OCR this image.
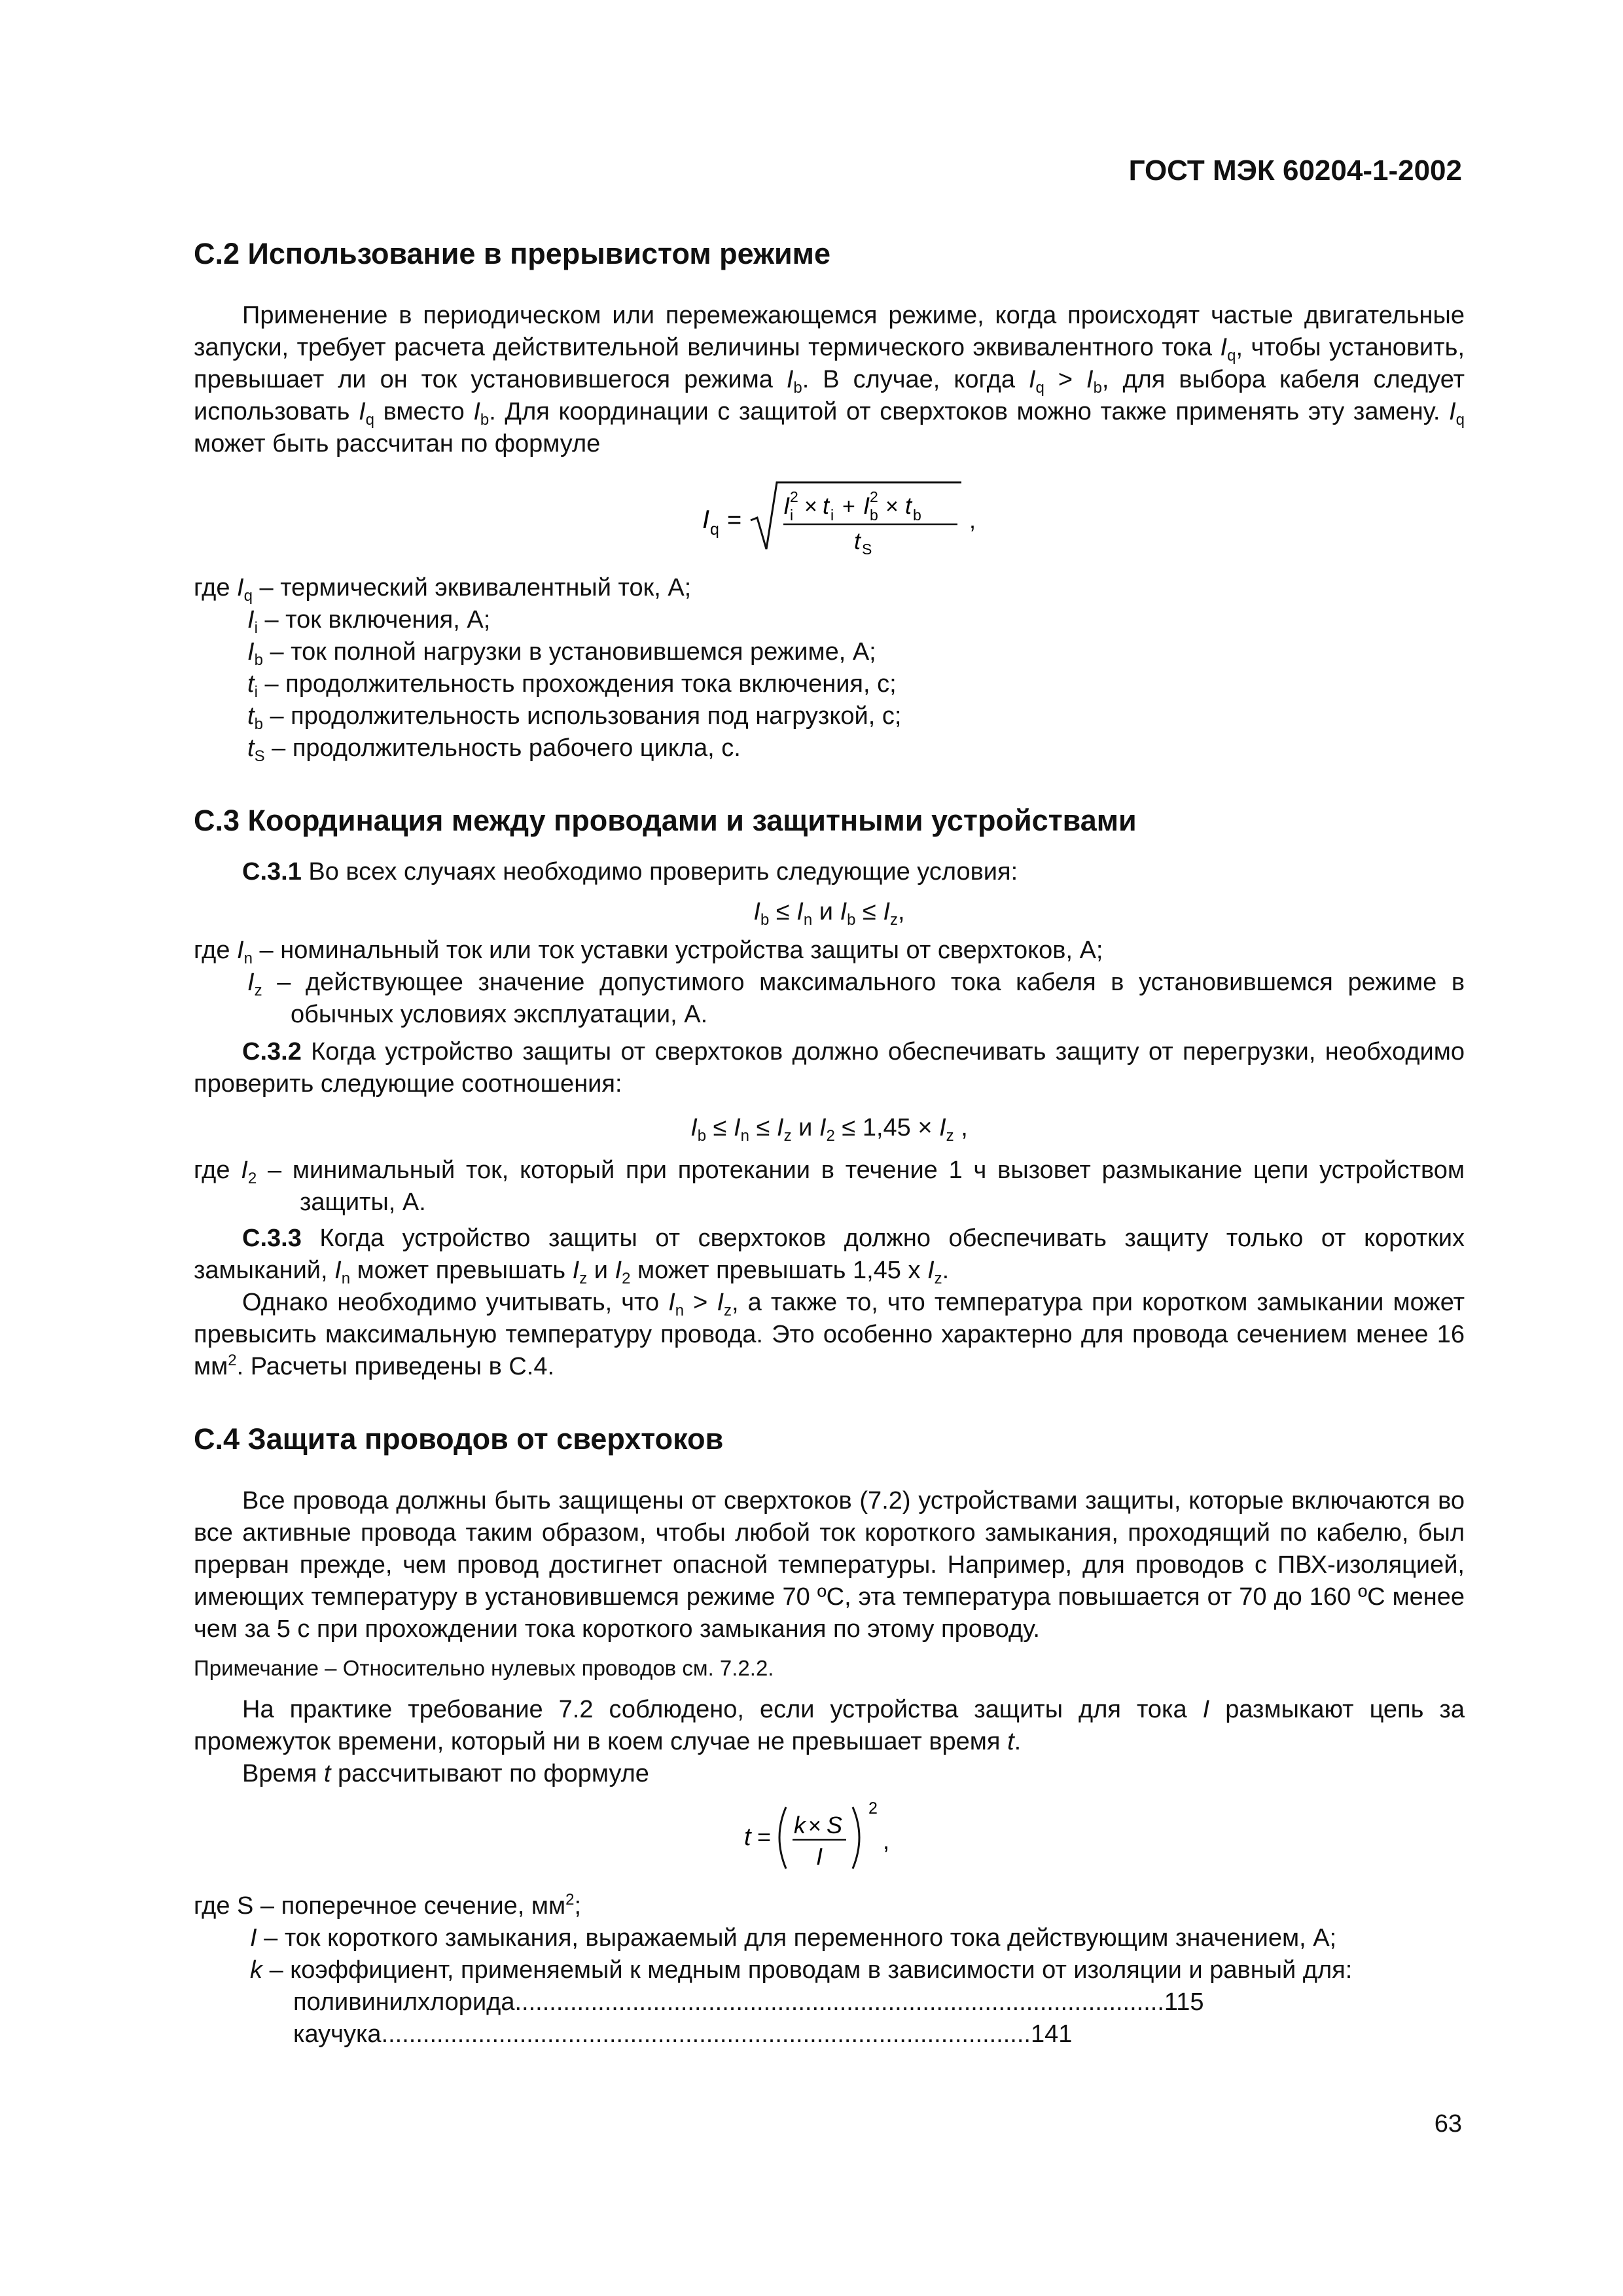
ГОСТ МЭК 60204-1-2002
C.2 Использование в прерывистом режиме

Применение в периодическом или перемежающемся режиме, когда происходят частые двигательные запуски, требует расчета действительной величины термического эквивалентного тока $I_q$, чтобы установить, превышает ли он ток установившегося режима $I_b$. В случае, когда $I_q > I_b$, для выбора кабеля следует использовать $I_q$ вместо $I_b$. Для координации с защитой от сверхтоков можно также применять эту замену. $I_q$ может быть рассчитан по формуле

I q =
I 2
i × t i + I 2
b × t b
t S
,

где $I_q$ – термический эквивалентный ток, А;

$I_i$ – ток включения, А;

$I_b$ – ток полной нагрузки в установившемся режиме, А;

$t_i$ – продолжительность прохождения тока включения, с;

$t_b$ – продолжительность использования под нагрузкой, с;

$t_S$ – продолжительность рабочего цикла, с.

C.3 Координация между проводами и защитными устройствами

C.3.1 Во всех случаях необходимо проверить следующие условия:

$I_b \le I_n$ и $I_b \le I_z$,

где $I_n$ – номинальный ток или ток уставки устройства защиты от сверхтоков, А;

$I_z$ – действующее значение допустимого максимального тока кабеля в установившемся режиме в обычных условиях эксплуатации, А.

C.3.2 Когда устройство защиты от сверхтоков должно обеспечивать защиту от перегрузки, необходимо проверить следующие соотношения:

$I_b \le I_n \le I_z$ и $I_2 \le 1,45 \times I_z$ ,

где $I_2$ – минимальный ток, который при протекании в течение 1 ч вызовет размыкание цепи устройством защиты, А.

C.3.3 Когда устройство защиты от сверхтоков должно обеспечивать защиту только от коротких замыканий, $I_n$ может превышать $I_z$ и $I_2$ может превышать 1,45 x $I_z$.

Однако необходимо учитывать, что $I_n > I_z$, а также то, что температура при коротком замыкании может превысить максимальную температуру провода. Это особенно характерно для провода сечением менее 16 $мм^2$. Расчеты приведены в С.4.

C.4 Защита проводов от сверхтоков

Все провода должны быть защищены от сверхтоков (7.2) устройствами защиты, которые включаются во все активные провода таким образом, чтобы любой ток короткого замыкания, проходящий по кабелю, был прерван прежде, чем провод достигнет опасной температуры. Например, для проводов с ПВХ-изоляцией, имеющих температуру в установившемся режиме 70 ºС, эта температура повышается от 70 до 160 ºС менее чем за 5 с при прохождении тока короткого замыкания по этому проводу.

Примечание – Относительно нулевых проводов см. 7.2.2.

На практике требование 7.2 соблюдено, если устройства защиты для тока I размыкают цепь за промежуток времени, который ни в коем случае не превышает время t.

Время t рассчитывают по формуле

t = k × S
I
2
,

где S – поперечное сечение, $мм^2$;

I – ток короткого замыкания, выражаемый для переменного тока действующим значением, А;

k – коэффициент, применяемый к медным проводам в зависимости от изоляции и равный для:

поливинилхлорида .............................................................................................. 115
каучука .............................................................................................. 141
63
